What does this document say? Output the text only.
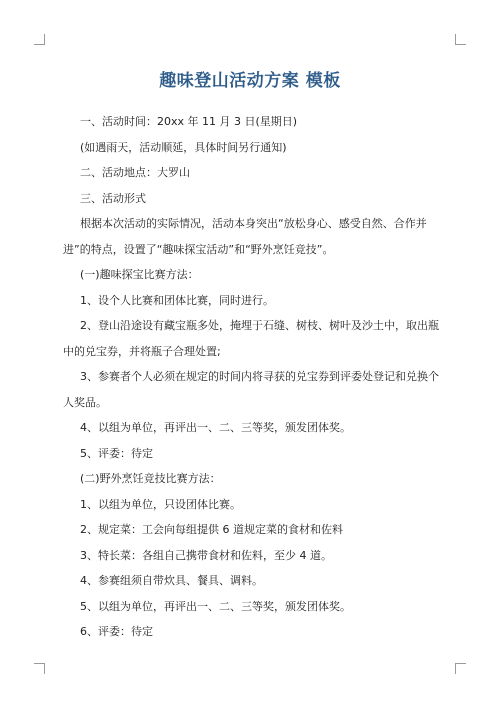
趣味登山活动方案 模板

一、活动时间：20xx 年 11 月 3 日(星期日)

(如遇雨天，活动顺延，具体时间另行通知)

二、活动地点：大罗山

三、活动形式

根据本次活动的实际情况，活动本身突出“放松身心、感受自然、合作并进”的特点，设置了“趣味探宝活动”和“野外烹饪竞技”。

(一)趣味探宝比赛方法：

1、设个人比赛和团体比赛，同时进行。

2、登山沿途设有藏宝瓶多处，掩埋于石缝、树枝、树叶及沙土中，取出瓶中的兑宝券，并将瓶子合理处置;

3、参赛者个人必须在规定的时间内将寻获的兑宝券到评委处登记和兑换个人奖品。

4、以组为单位，再评出一、二、三等奖，颁发团体奖。

5、评委：待定

(二)野外烹饪竞技比赛方法：

1、以组为单位，只设团体比赛。

2、规定菜：工会向每组提供 6 道规定菜的食材和佐料

3、特长菜：各组自己携带食材和佐料，至少 4 道。

4、参赛组须自带炊具、餐具、调料。

5、以组为单位，再评出一、二、三等奖，颁发团体奖。

6、评委：待定
